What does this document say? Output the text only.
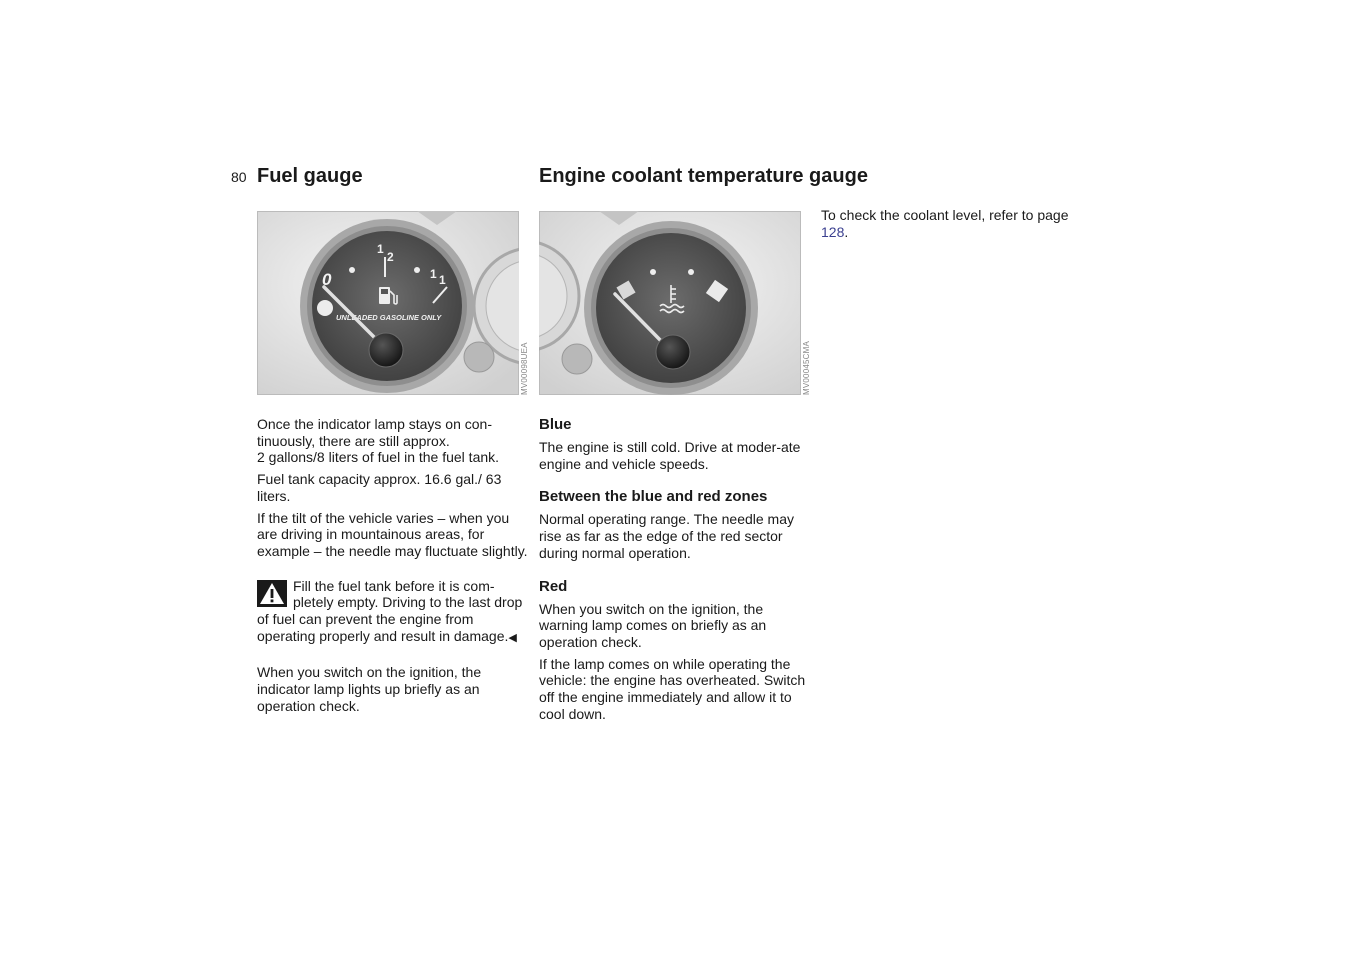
80 Fuel gauge	Engine coolant temperature gauge
0
1
2
1 1
UNLEADED GASOLINE ONLY
MV00098UEA	MV00045CMA

Once the indicator lamp stays on con-tinuously, there are still approx.

2 gallons/8 liters of fuel in the fuel tank.

Fuel tank capacity approx. 16.6 gal./ 63 liters.

If the tilt of the vehicle varies – when you are driving in mountainous areas, for example – the needle may fluctuate slightly.

Fill the fuel tank before it is com-pletely empty. Driving to the last drop of fuel can prevent the engine from operating properly and result in damage.◀

When you switch on the ignition, the indicator lamp lights up briefly as an operation check.

Blue

The engine is still cold. Drive at moder-ate engine and vehicle speeds.

Between the blue and red zones

Normal operating range. The needle may rise as far as the edge of the red sector during normal operation.

Red

When you switch on the ignition, the warning lamp comes on briefly as an operation check.

If the lamp comes on while operating the vehicle: the engine has overheated. Switch off the engine immediately and allow it to cool down.

To check the coolant level, refer to page 128.
